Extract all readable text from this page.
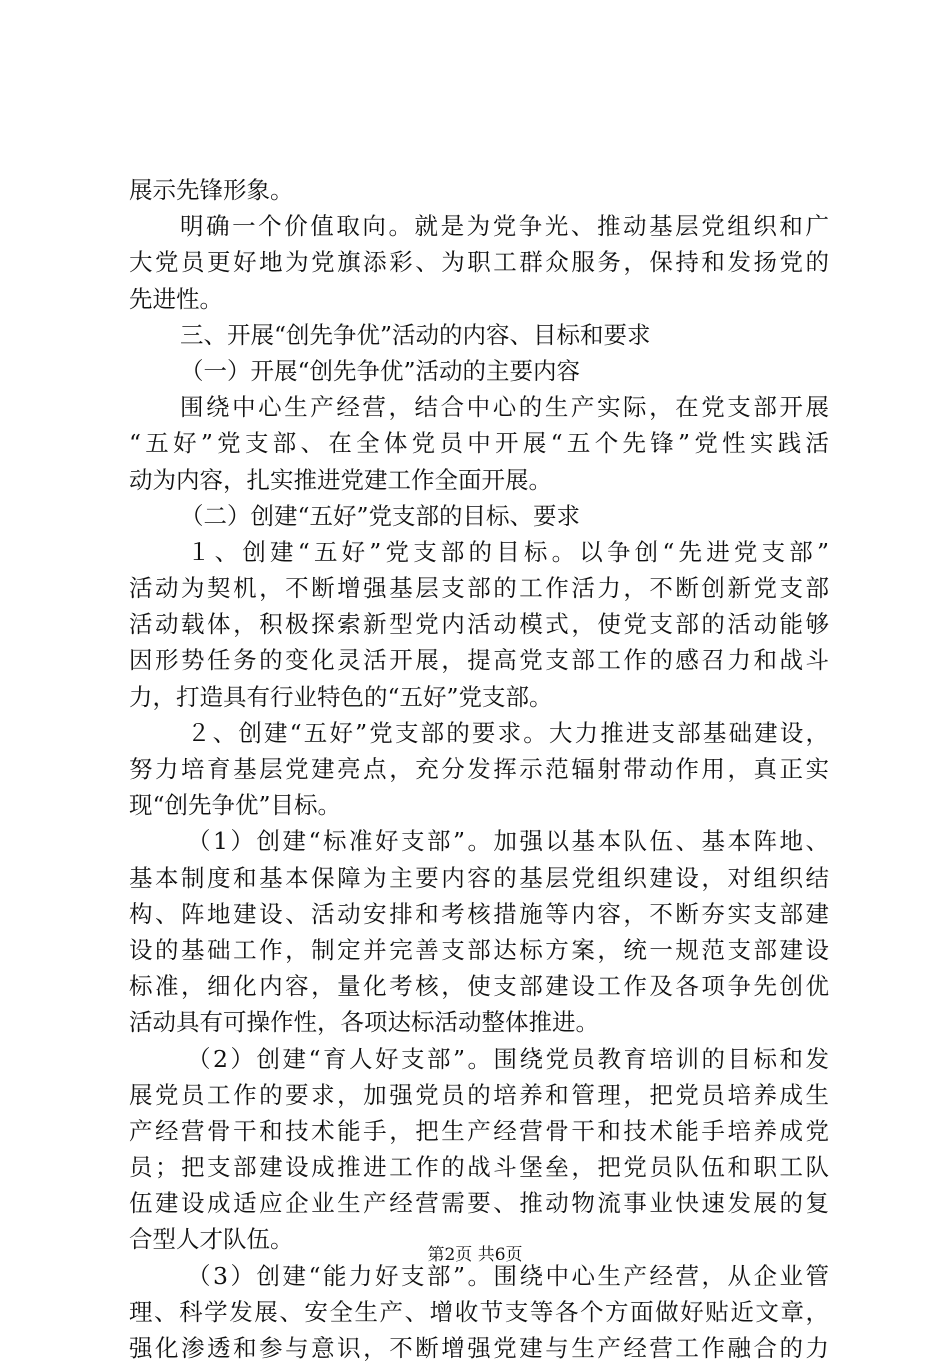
展示先锋形象。
明确一个价值取向。就是为党争光、推动基层党组织和广
大党员更好地为党旗添彩、为职工群众服务，保持和发扬党的
先进性。
三、开展“创先争优”活动的内容、目标和要求
（一）开展“创先争优”活动的主要内容
围绕中心生产经营，结合中心的生产实际，在党支部开展
“五好”党支部、在全体党员中开展“五个先锋”党性实践活
动为内容，扎实推进党建工作全面开展。
（二）创建“五好”党支部的目标、要求
１、创建“五好”党支部的目标。以争创“先进党支部”
活动为契机，不断增强基层支部的工作活力，不断创新党支部
活动载体，积极探索新型党内活动模式，使党支部的活动能够
因形势任务的变化灵活开展，提高党支部工作的感召力和战斗
力，打造具有行业特色的“五好”党支部。
２、创建“五好”党支部的要求。大力推进支部基础建设，
努力培育基层党建亮点，充分发挥示范辐射带动作用，真正实
现“创先争优”目标。
（1）创建“标准好支部”。加强以基本队伍、基本阵地、
基本制度和基本保障为主要内容的基层党组织建设，对组织结
构、阵地建设、活动安排和考核措施等内容，不断夯实支部建
设的基础工作，制定并完善支部达标方案，统一规范支部建设
标准，细化内容，量化考核，使支部建设工作及各项争先创优
活动具有可操作性，各项达标活动整体推进。
（2）创建“育人好支部”。围绕党员教育培训的目标和发
展党员工作的要求，加强党员的培养和管理，把党员培养成生
产经营骨干和技术能手，把生产经营骨干和技术能手培养成党
员；把支部建设成推进工作的战斗堡垒，把党员队伍和职工队
伍建设成适应企业生产经营需要、推动物流事业快速发展的复
合型人才队伍。
（3）创建“能力好支部”。围绕中心生产经营，从企业管
理、科学发展、安全生产、增收节支等各个方面做好贴近文章，
强化渗透和参与意识，不断增强党建与生产经营工作融合的力
第2页 共6页
